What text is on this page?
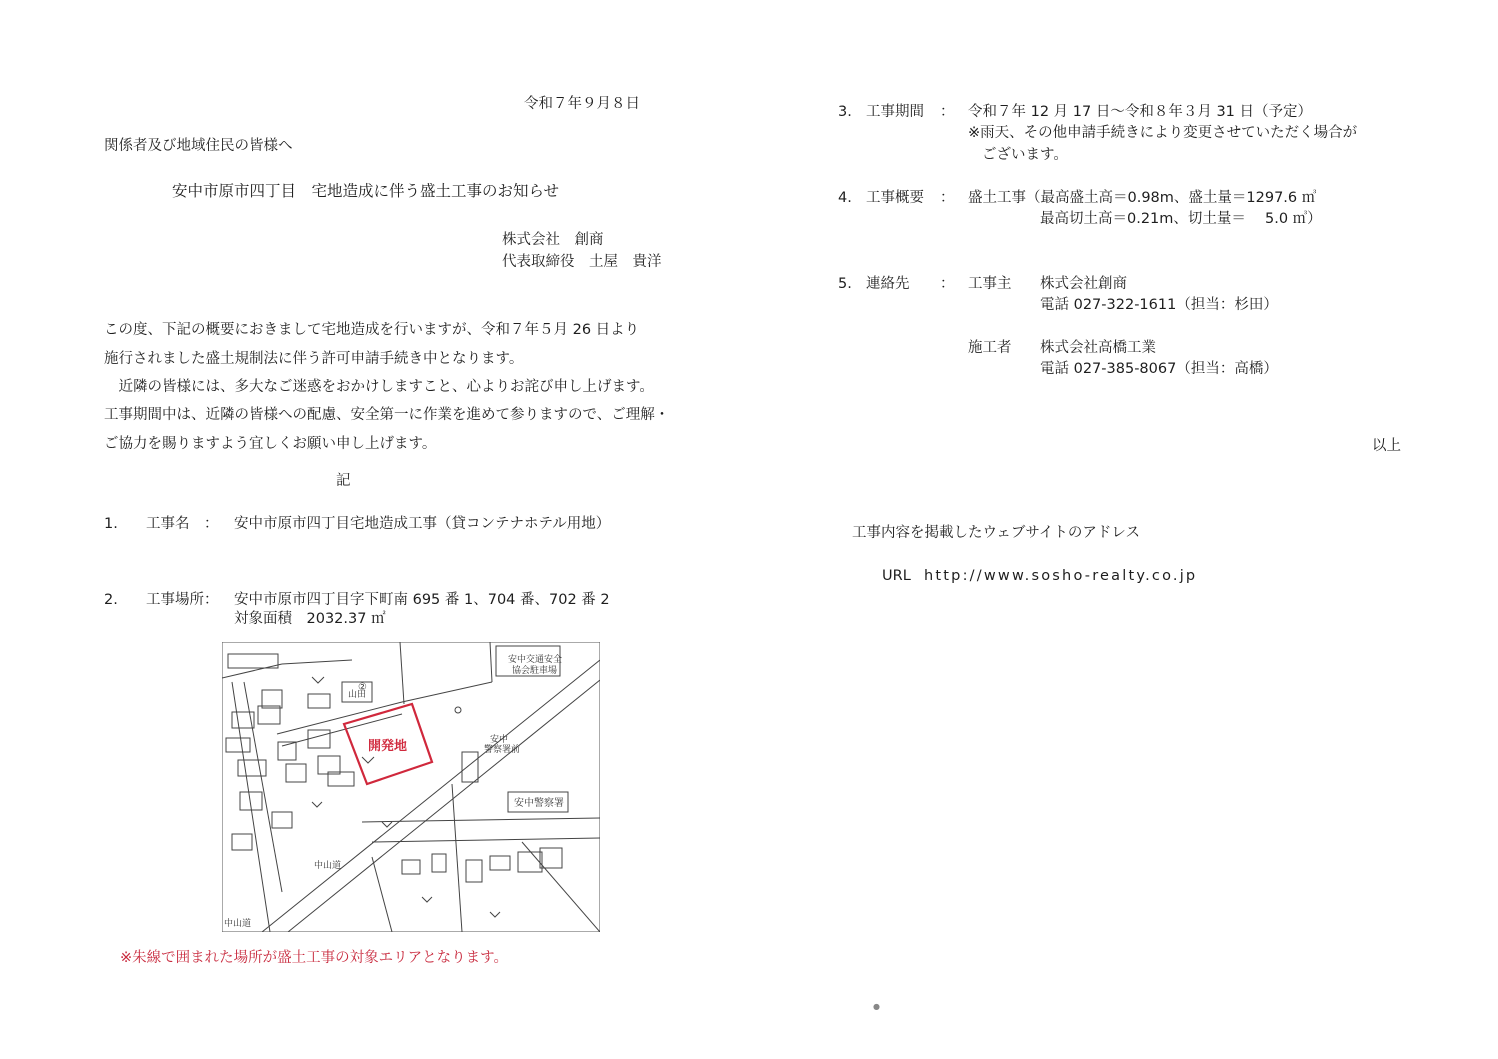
令和７年９月８日
関係者及び地域住民の皆様へ
安中市原市四丁目　宅地造成に伴う盛土工事のお知らせ
株式会社　創商
代表取締役　土屋　貴洋
この度、下記の概要におきまして宅地造成を行いますが、令和７年５月 26 日より
施行されました盛土規制法に伴う許可申請手続き中となります。
　近隣の皆様には、多大なご迷惑をおかけしますこと、心よりお詫び申し上げます。
工事期間中は、近隣の皆様への配慮、安全第一に作業を進めて参りますので、ご理解・
ご協力を賜りますよう宜しくお願い申し上げます。
記
1. 工事名　： 安中市原市四丁目宅地造成工事（貸コンテナホテル用地）
2. 工事場所： 安中市原市四丁目字下町南 695 番 1、704 番、702 番 2
対象面積　2032.37 ㎡
開発地
安中交通安全
協会駐車場
山田
②
安中
警察署前
安中警察署
中山道
中山道
※朱線で囲まれた場所が盛土工事の対象エリアとなります。
3. 工事期間 ： 令和７年 12 月 17 日〜令和８年３月 31 日（予定）
※雨天、その他申請手続きにより変更させていただく場合が
ございます。
4. 工事概要 ： 盛土工事（最高盛土高＝0.98m、盛土量＝1297.6 ㎥
最高切土高＝0.21m、切土量＝　 5.0 ㎥）
5. 連絡先 ： 工事主 株式会社創商
電話 027-322-1611（担当：杉田）
施工者 株式会社高橋工業
電話 027-385-8067（担当：高橋）
以上
工事内容を掲載したウェブサイトのアドレス
URL http://www.sosho-realty.co.jp
●
